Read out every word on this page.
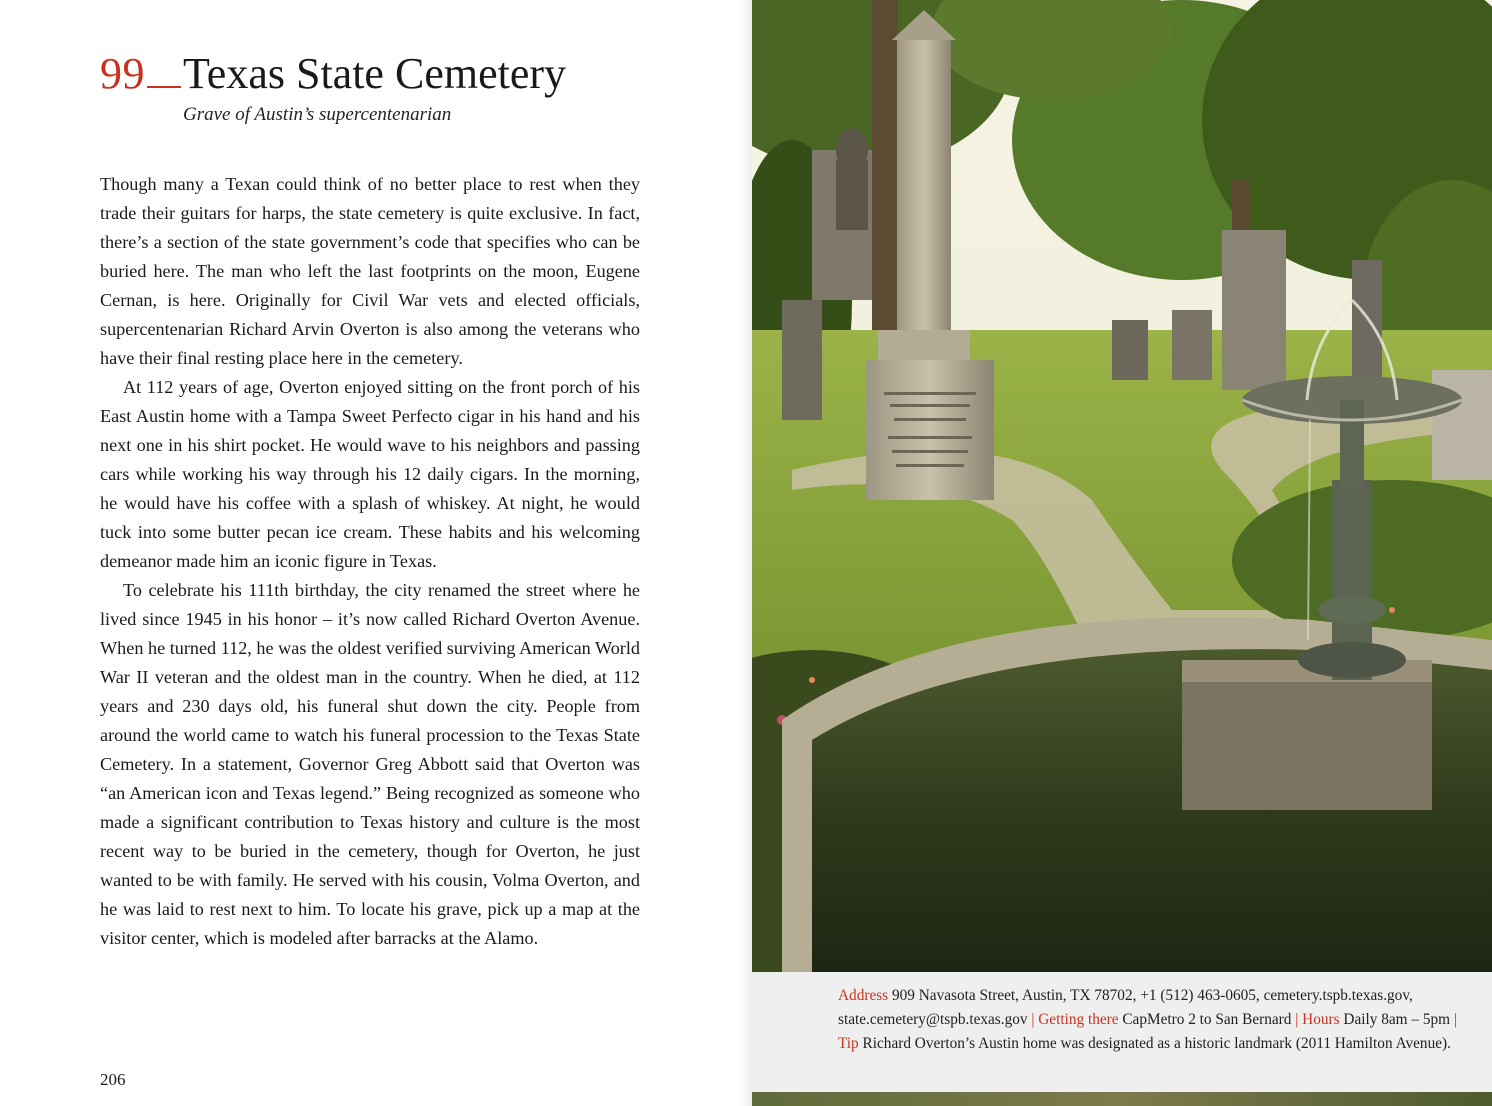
99 Texas State Cemetery
Grave of Austin’s supercentenarian

Though many a Texan could think of no better place to rest when they trade their guitars for harps, the state cemetery is quite exclusive. In fact, there’s a section of the state government’s code that specifies who can be buried here. The man who left the last footprints on the moon, Eugene Cernan, is here. Originally for Civil War vets and elected officials, supercentenarian Richard Arvin Overton is also among the veterans who have their final resting place here in the cemetery.

At 112 years of age, Overton enjoyed sitting on the front porch of his East Austin home with a Tampa Sweet Perfecto cigar in his hand and his next one in his shirt pocket. He would wave to his neighbors and passing cars while working his way through his 12 daily cigars. In the morning, he would have his coffee with a splash of whiskey. At night, he would tuck into some butter pecan ice cream. These habits and his welcoming demeanor made him an iconic figure in Texas.

To celebrate his 111th birthday, the city renamed the street where he lived since 1945 in his honor – it’s now called Richard Overton Avenue. When he turned 112, he was the oldest verified surviving American World War II veteran and the oldest man in the country. When he died, at 112 years and 230 days old, his funeral shut down the city. People from around the world came to watch his funeral procession to the Texas State Cemetery. In a statement, Governor Greg Abbott said that Overton was “an American icon and Texas legend.” Being recognized as someone who made a significant contribution to Texas history and culture is the most recent way to be buried in the cemetery, though for Overton, he just wanted to be with family. He served with his cousin, Volma Overton, and he was laid to rest next to him. To locate his grave, pick up a map at the visitor center, which is modeled after barracks at the Alamo.

206
Address 909 Navasota Street, Austin, TX 78702, +1 (512) 463-0605, cemetery.tspb.texas.gov, state.cemetery@tspb.texas.gov | Getting there CapMetro 2 to San Bernard | Hours Daily 8am – 5pm | Tip Richard Overton’s Austin home was designated as a historic landmark (2011 Hamilton Avenue).
